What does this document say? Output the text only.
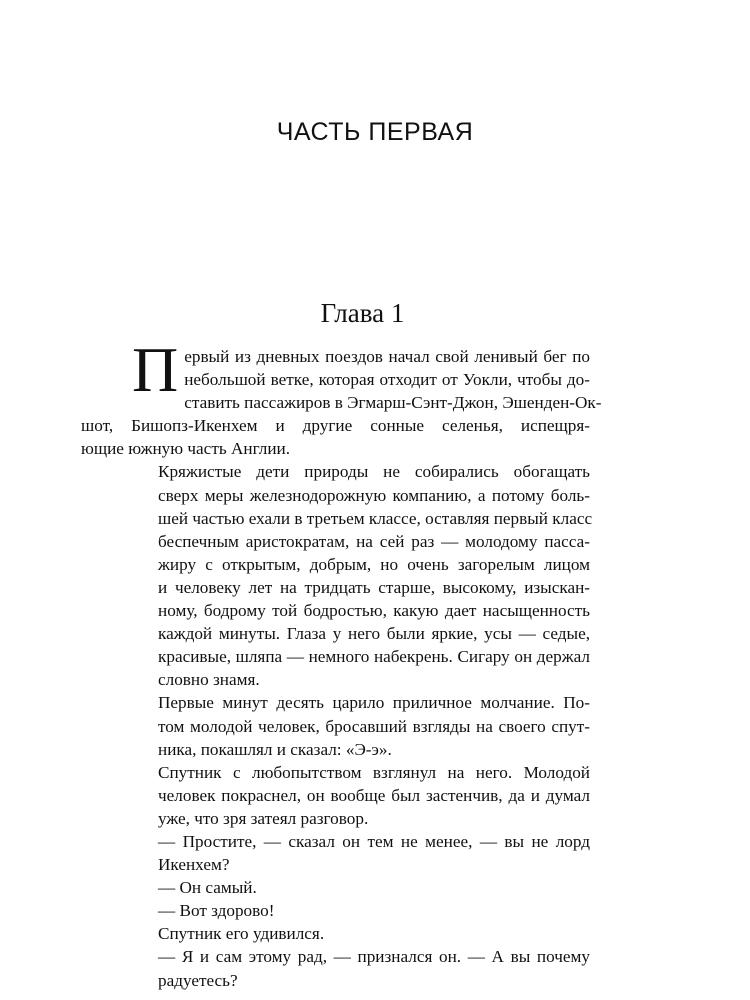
ЧАСТЬ ПЕРВАЯ
Глава 1

П ервый из дневных поездов начал свой ленивый бег по
небольшой ветке, которая отходит от Уокли, чтобы до-
ставить пассажиров в Эгмарш-Сэнт-Джон, Эшенден-Ок-
шот, Бишопз-Икенхем и другие сонные селенья, испещря-
ющие южную часть Англии.

Кряжистые дети природы не собирались обогащать
сверх меры железнодорожную компанию, а потому боль-
шей частью ехали в третьем классе, оставляя первый класс
беспечным аристократам, на сей раз — молодому пасса-
жиру с открытым, добрым, но очень загорелым лицом
и человеку лет на тридцать старше, высокому, изыскан-
ному, бодрому той бодростью, какую дает насыщенность
каждой минуты. Глаза у него были яркие, усы — седые,
красивые, шляпа — немного набекрень. Сигару он держал
словно знамя.

Первые минут десять царило приличное молчание. По-
том молодой человек, бросавший взгляды на своего спут-
ника, покашлял и сказал: «Э-э».

Спутник с любопытством взглянул на него. Молодой
человек покраснел, он вообще был застенчив, да и думал
уже, что зря затеял разговор.

— Простите, — сказал он тем не менее, — вы не лорд
Икенхем?

— Он самый.

— Вот здорово!

Спутник его удивился.

— Я и сам этому рад, — признался он. — А вы почему
радуетесь?
